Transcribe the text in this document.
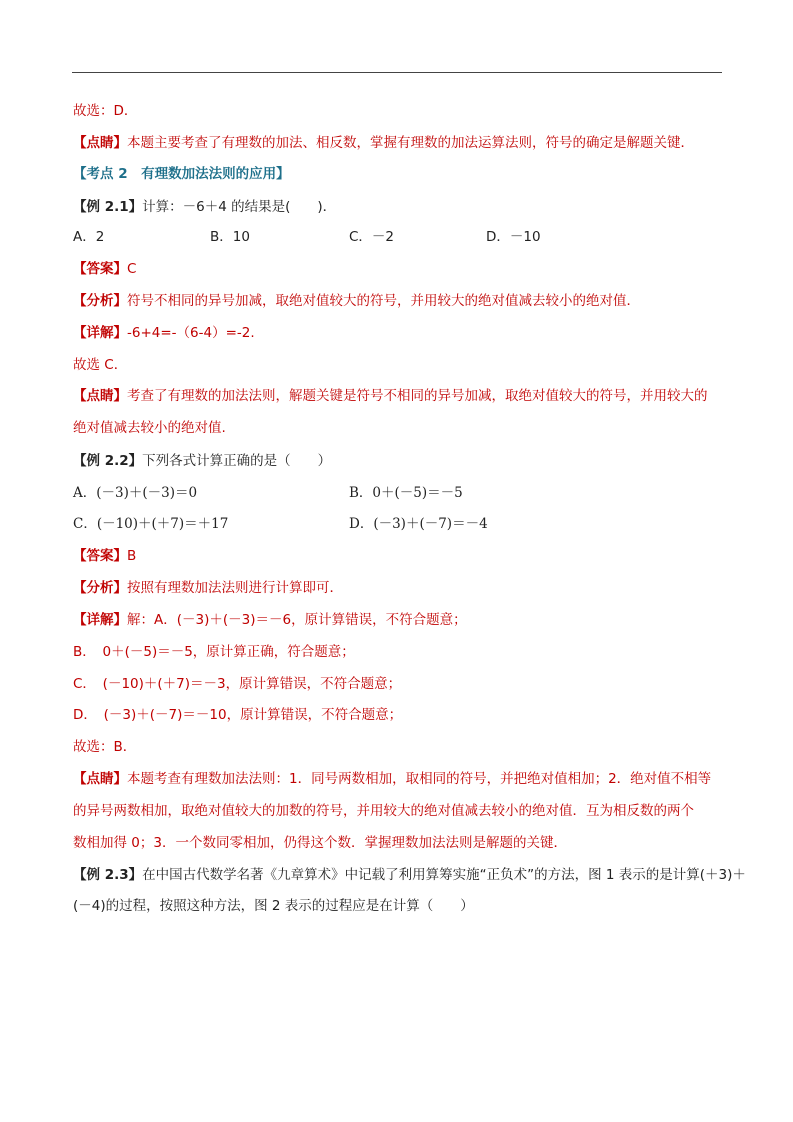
故选：D．
【点睛】本题主要考查了有理数的加法、相反数，掌握有理数的加法运算法则，符号的确定是解题关键．
【考点 2　有理数加法法则的应用】
【例 2.1】计算：－6＋4 的结果是(　　)．
A．2	B．10	C．－2	D．－10
【答案】C
【分析】符号不相同的异号加减，取绝对值较大的符号，并用较大的绝对值减去较小的绝对值．
【详解】-6+4=-（6-4）=-2.
故选 C．
【点睛】考查了有理数的加法法则，解题关键是符号不相同的异号加减，取绝对值较大的符号，并用较大的
绝对值减去较小的绝对值.
【例 2.2】下列各式计算正确的是（　　）
A．(－3)＋(－3)＝0	B．0＋(－5)＝－5
C．(－10)＋(＋7)＝＋17	D．(－3)＋(－7)＝－4
【答案】B
【分析】按照有理数加法法则进行计算即可．
【详解】解：A．(－3)＋(－3)＝－6，原计算错误，不符合题意；
B．　0＋(－5)＝－5，原计算正确，符合题意；
C．　(－10)＋(＋7)＝－3，原计算错误，不符合题意；
D．　(－3)＋(－7)＝－10，原计算错误，不符合题意；
故选：B．
【点睛】本题考查有理数加法法则：1．同号两数相加，取相同的符号，并把绝对值相加；2．绝对值不相等
的异号两数相加，取绝对值较大的加数的符号，并用较大的绝对值减去较小的绝对值．互为相反数的两个
数相加得 0；3．一个数同零相加，仍得这个数．掌握理数加法法则是解题的关键．
【例 2.3】在中国古代数学名著《九章算术》中记载了利用算筹实施“正负术”的方法，图 1 表示的是计算(＋3)＋
(－4)的过程，按照这种方法，图 2 表示的过程应是在计算（　　）
